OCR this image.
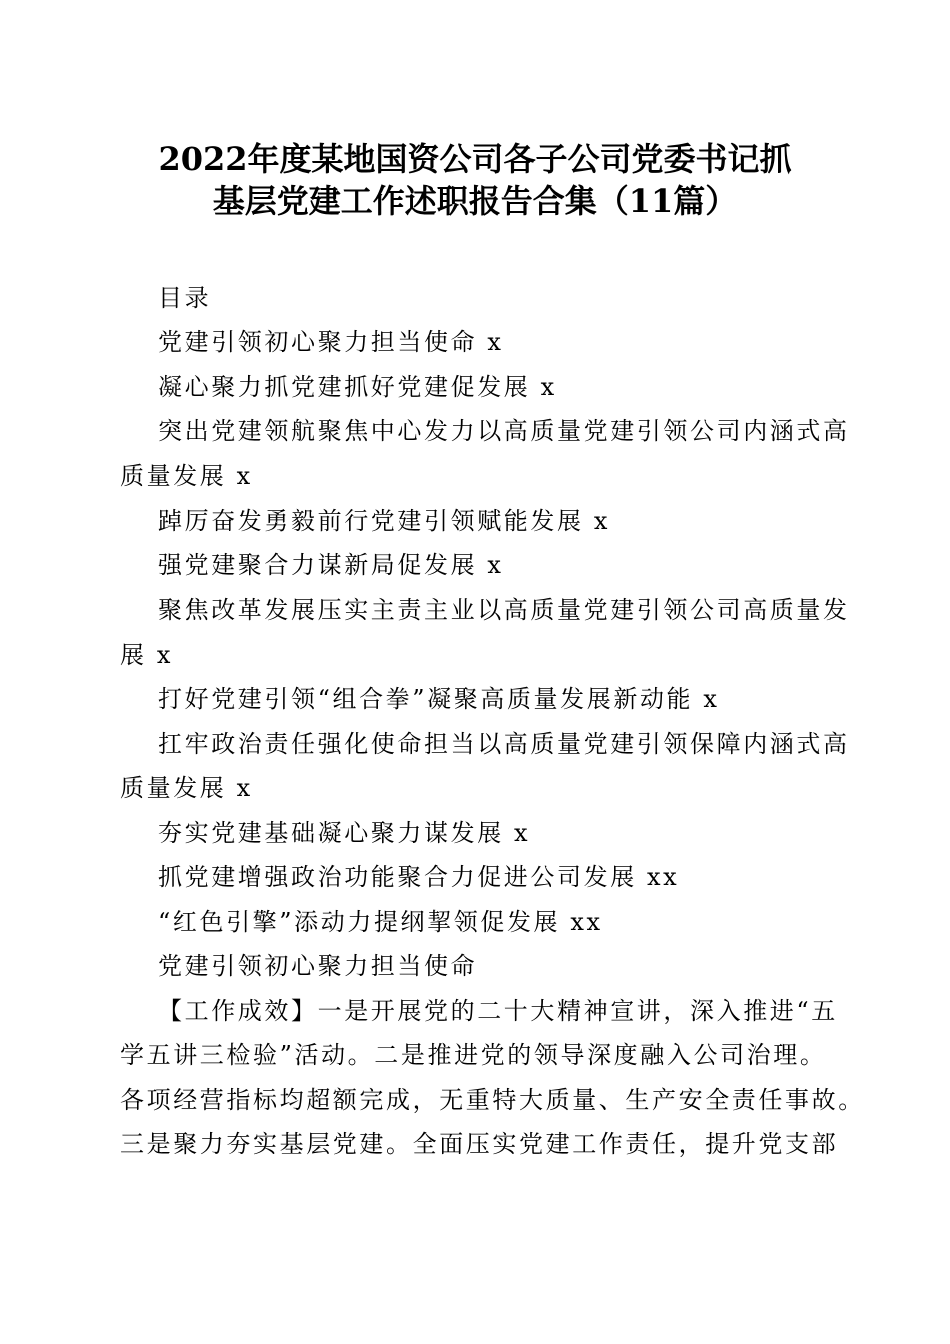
2022年度某地国资公司各子公司党委书记抓
基层党建工作述职报告合集（11篇）
目录
党建引领初心聚力担当使命 x
凝心聚力抓党建抓好党建促发展 x
突出党建领航聚焦中心发力以高质量党建引领公司内涵式高
质量发展 x
踔厉奋发勇毅前行党建引领赋能发展 x
强党建聚合力谋新局促发展 x
聚焦改革发展压实主责主业以高质量党建引领公司高质量发
展 x
打好党建引领“组合拳”凝聚高质量发展新动能 x
扛牢政治责任强化使命担当以高质量党建引领保障内涵式高
质量发展 x
夯实党建基础凝心聚力谋发展 x
抓党建增强政治功能聚合力促进公司发展 xx
“红色引擎”添动力提纲挈领促发展 xx
党建引领初心聚力担当使命
【工作成效】一是开展党的二十大精神宣讲，深入推进“五
学五讲三检验”活动。二是推进党的领导深度融入公司治理。
各项经营指标均超额完成，无重特大质量、生产安全责任事故。
三是聚力夯实基层党建。全面压实党建工作责任，提升党支部
